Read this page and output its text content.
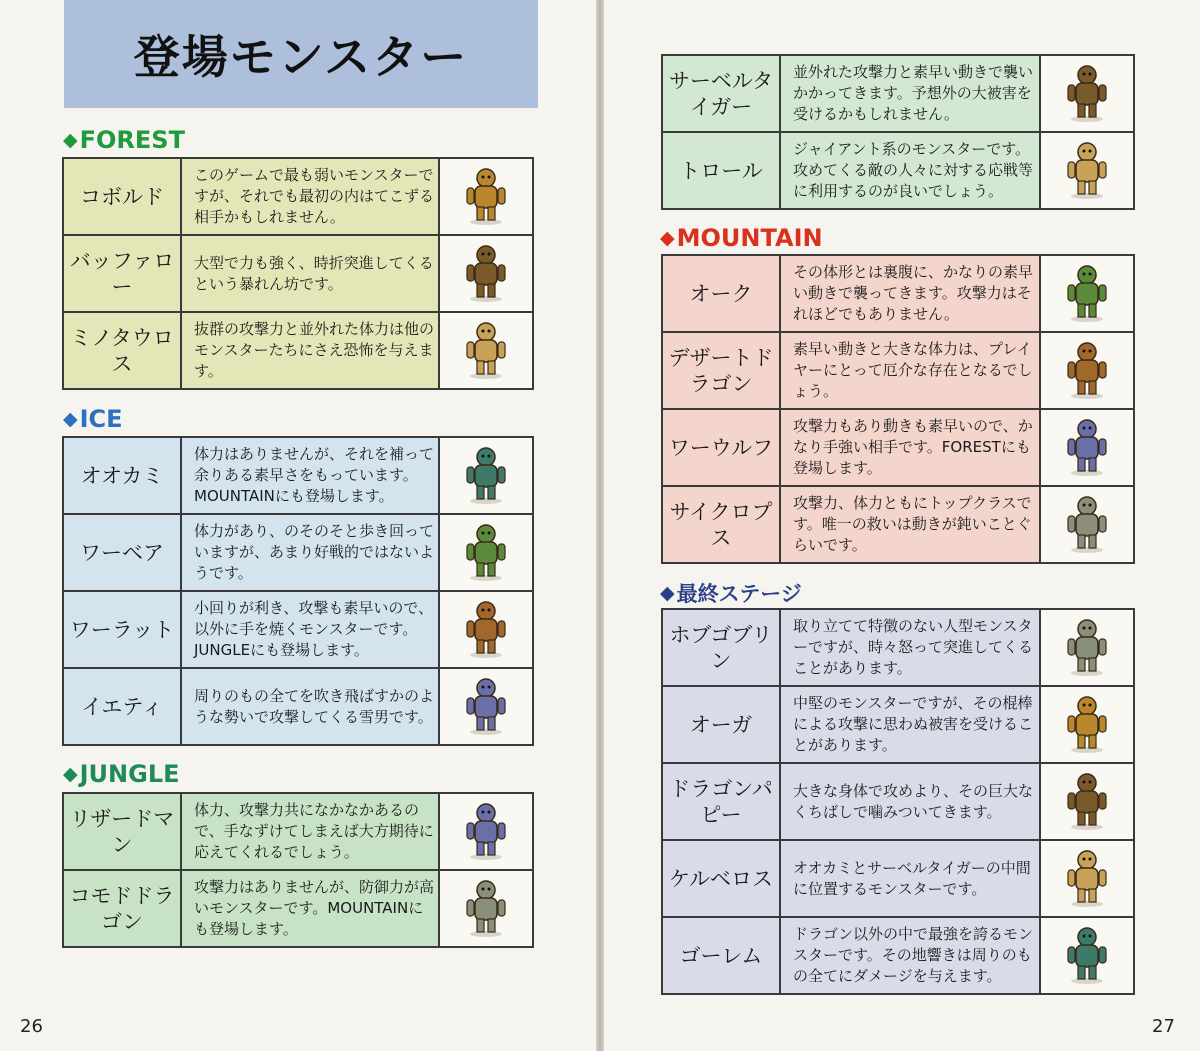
登場モンスター
◆ FOREST
◆ ICE
◆ JUNGLE
◆ MOUNTAIN
◆ 最終ステージ
コボルド	このゲームで最も弱いモンスターですが、それでも最初の内はてこずる相手かもしれません。	
バッファロー	大型で力も強く、時折突進してくるという暴れん坊です。	
ミノタウロス	抜群の攻撃力と並外れた体力は他のモンスターたちにさえ恐怖を与えます。	
オオカミ	体力はありませんが、それを補って余りある素早さをもっています。MOUNTAINにも登場します。	
ワーベア	体力があり、のそのそと歩き回っていますが、あまり好戦的ではないようです。	
ワーラット	小回りが利き、攻撃も素早いので、以外に手を焼くモンスターです。JUNGLEにも登場します。	
イエティ	周りのもの全てを吹き飛ばすかのような勢いで攻撃してくる雪男です。	
リザードマン	体力、攻撃力共になかなかあるので、手なずけてしまえば大方期待に応えてくれるでしょう。	
コモドドラゴン	攻撃力はありませんが、防御力が高いモンスターです。MOUNTAINにも登場します。	
サーベルタイガー	並外れた攻撃力と素早い動きで襲いかかってきます。予想外の大被害を受けるかもしれません。	
トロール	ジャイアント系のモンスターです。攻めてくる敵の人々に対する応戦等に利用するのが良いでしょう。	
オーク	その体形とは裏腹に、かなりの素早い動きで襲ってきます。攻撃力はそれほどでもありません。	
デザートドラゴン	素早い動きと大きな体力は、プレイヤーにとって厄介な存在となるでしょう。	
ワーウルフ	攻撃力もあり動きも素早いので、かなり手強い相手です。FORESTにも登場します。	
サイクロプス	攻撃力、体力ともにトップクラスです。唯一の救いは動きが鈍いことぐらいです。	
ホブゴブリン	取り立てて特徴のない人型モンスターですが、時々怒って突進してくることがあります。	
オーガ	中堅のモンスターですが、その棍棒による攻撃に思わぬ被害を受けることがあります。	
ドラゴンパピー	大きな身体で攻めより、その巨大なくちばしで噛みついてきます。	
ケルベロス	オオカミとサーベルタイガーの中間に位置するモンスターです。	
ゴーレム	ドラゴン以外の中で最強を誇るモンスターです。その地響きは周りのもの全てにダメージを与えます。	
26	27
